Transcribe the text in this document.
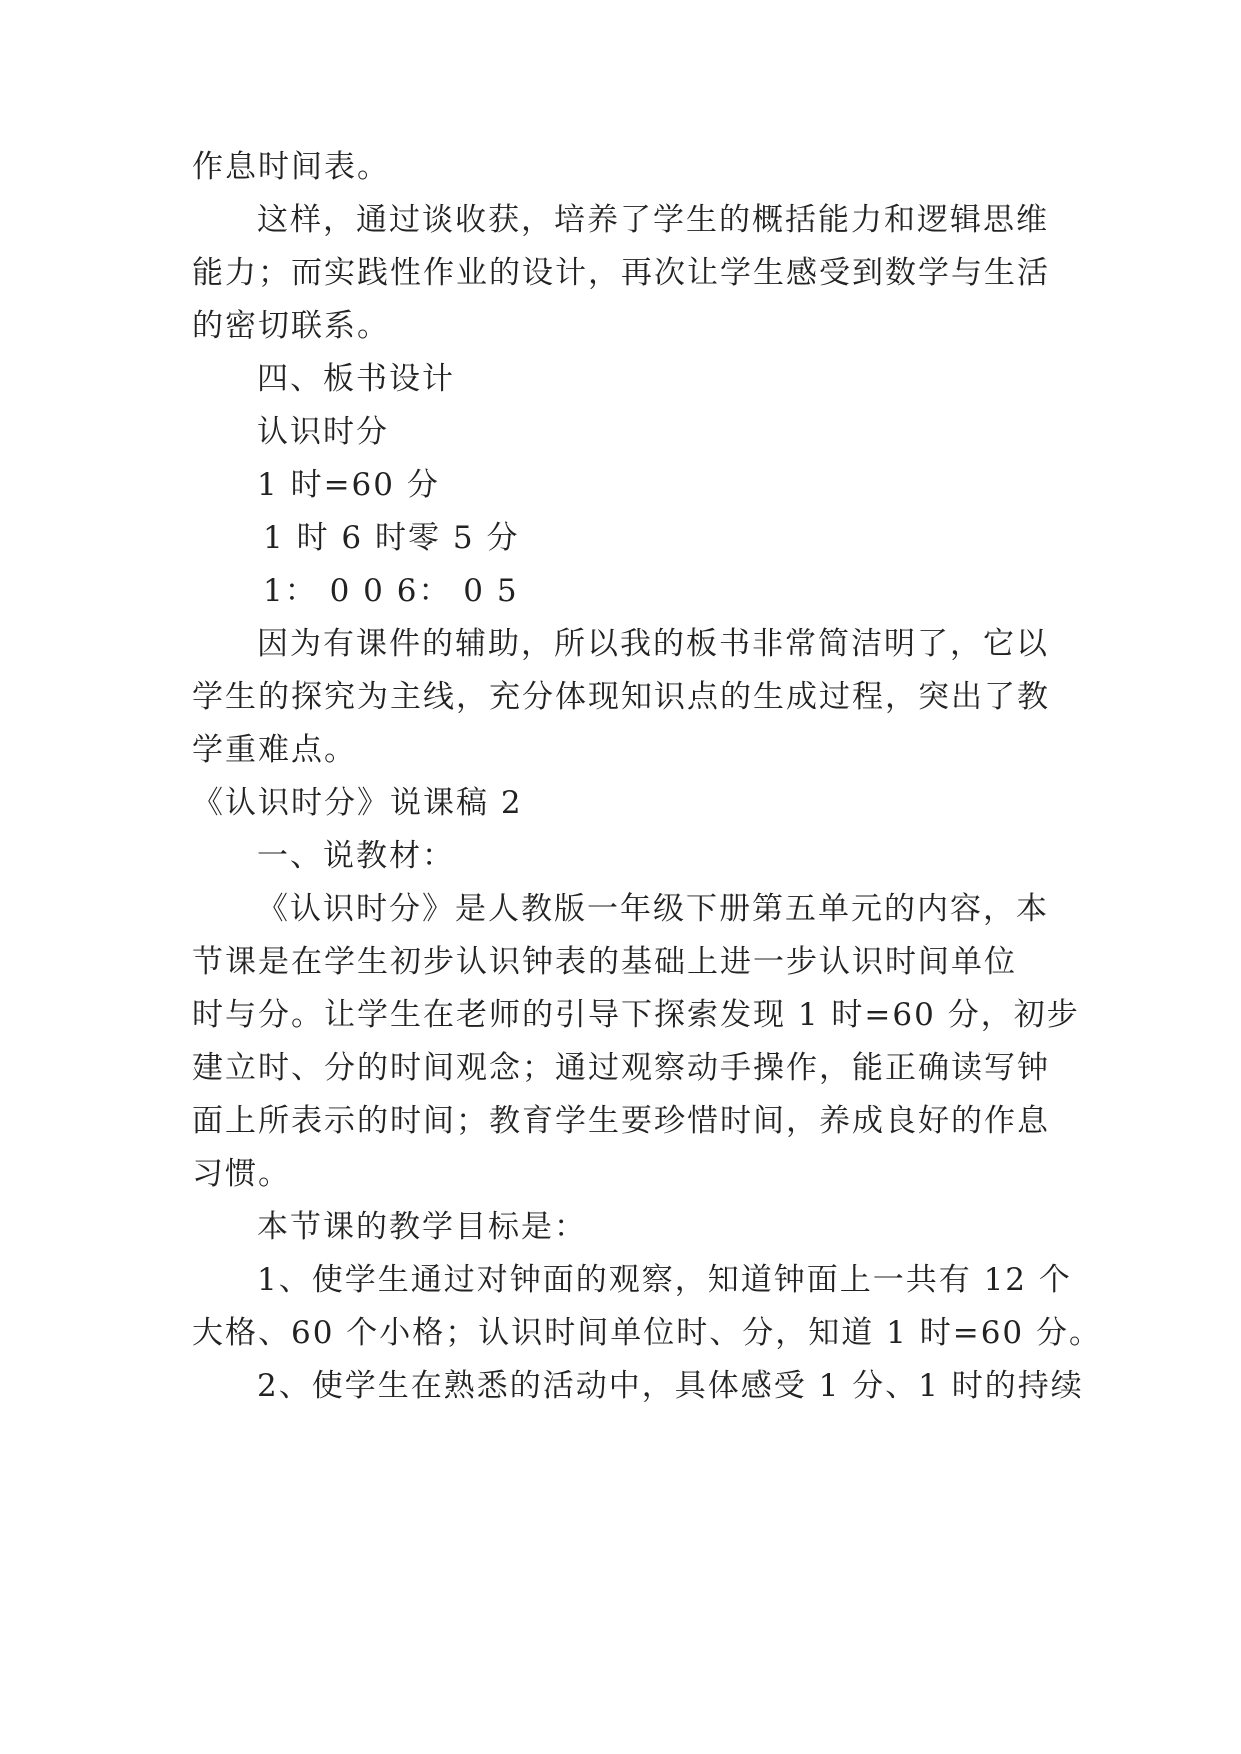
作息时间表。
这样，通过谈收获，培养了学生的概括能力和逻辑思维
能力；而实践性作业的设计，再次让学生感受到数学与生活
的密切联系。
四、板书设计
认识时分
1 时=60 分
1 时 6 时零 5 分
1： 0 0 6： 0 5
因为有课件的辅助，所以我的板书非常简洁明了，它以
学生的探究为主线，充分体现知识点的生成过程，突出了教
学重难点。
《认识时分》说课稿 2
一、说教材：
《认识时分》是人教版一年级下册第五单元的内容，本
节课是在学生初步认识钟表的基础上进一步认识时间单位
时与分。让学生在老师的引导下探索发现 1 时=60 分，初步
建立时、分的时间观念；通过观察动手操作，能正确读写钟
面上所表示的时间；教育学生要珍惜时间，养成良好的作息
习惯。
本节课的教学目标是：
1、使学生通过对钟面的观察，知道钟面上一共有 12 个
大格、60 个小格；认识时间单位时、分，知道 1 时=60 分。
2、使学生在熟悉的活动中，具体感受 1 分、1 时的持续
